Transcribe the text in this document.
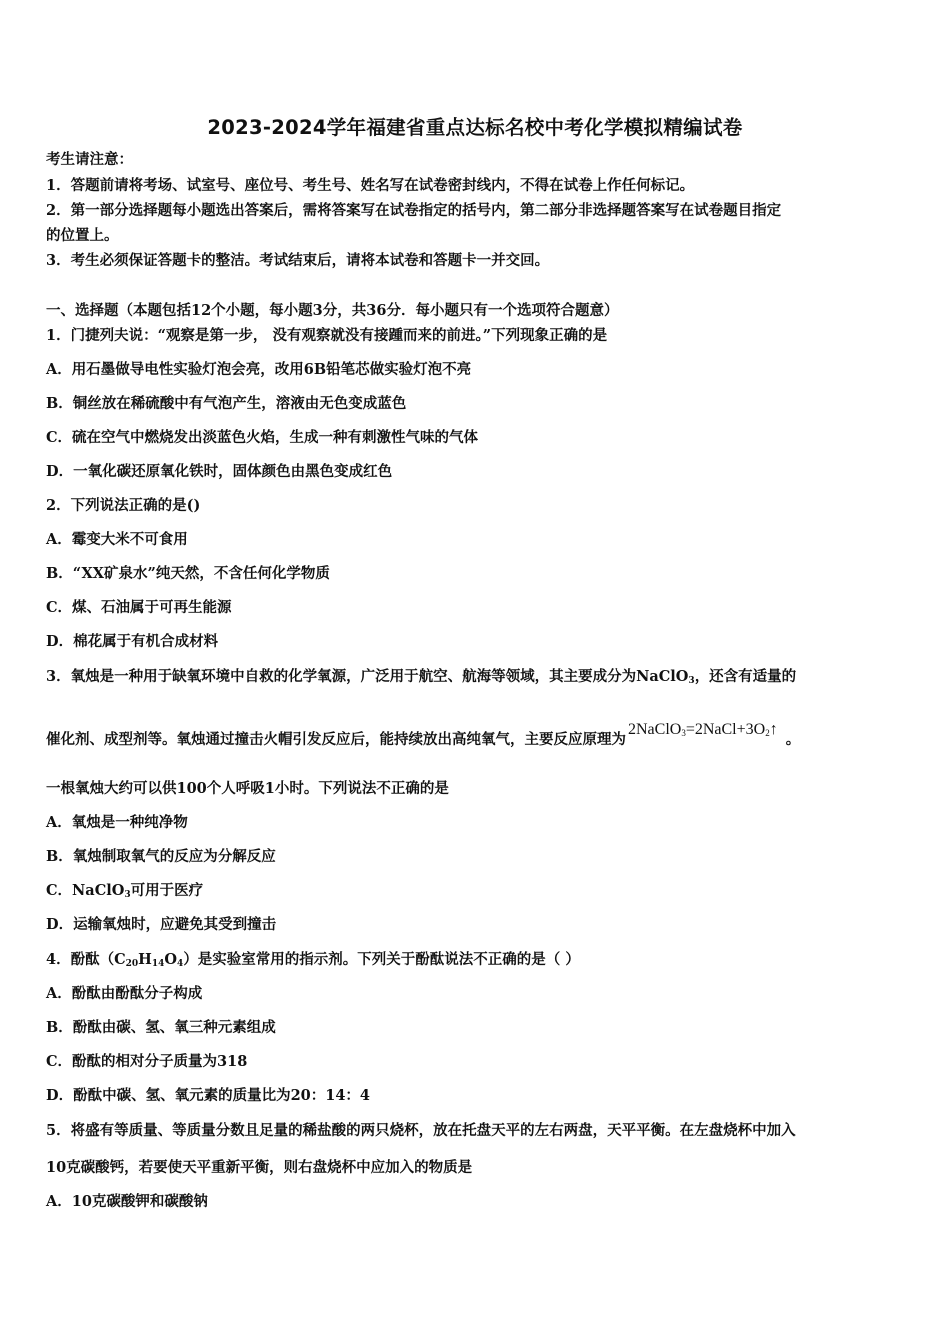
2023-2024学年福建省重点达标名校中考化学模拟精编试卷
考生请注意：
1．答题前请将考场、试室号、座位号、考生号、姓名写在试卷密封线内，不得在试卷上作任何标记。
2．第一部分选择题每小题选出答案后，需将答案写在试卷指定的括号内，第二部分非选择题答案写在试卷题目指定
的位置上。
3．考生必须保证答题卡的整洁。考试结束后，请将本试卷和答题卡一并交回。
一、选择题（本题包括12个小题，每小题3分，共36分．每小题只有一个选项符合题意）
1．门捷列夫说：“观察是第一步， 没有观察就没有接踵而来的前进。”下列现象正确的是
A．用石墨做导电性实验灯泡会亮，改用6B铅笔芯做实验灯泡不亮
B．铜丝放在稀硫酸中有气泡产生，溶液由无色变成蓝色
C．硫在空气中燃烧发出淡蓝色火焰，生成一种有刺激性气味的气体
D．一氧化碳还原氧化铁时，固体颜色由黑色变成红色
2．下列说法正确的是()
A．霉变大米不可食用
B．“XX矿泉水”纯天然，不含任何化学物质
C．煤、石油属于可再生能源
D．棉花属于有机合成材料
3．氧烛是一种用于缺氧环境中自救的化学氧源，广泛用于航空、航海等领域，其主要成分为NaClO$_3$，还含有适量的
催化剂、成型剂等。氧烛通过撞击火帽引发反应后，能持续放出高纯氧气，主要反应原理为$2NaClO_3=2NaCl+3O_2↑$。
一根氧烛大约可以供100个人呼吸1小时。下列说法不正确的是
A．氧烛是一种纯净物
B．氧烛制取氧气的反应为分解反应
C．NaClO$_3$可用于医疗
D．运输氧烛时，应避免其受到撞击
4．酚酞$(C_{20}H_{14}O_4)$是实验室常用的指示剂。下列关于酚酞说法不正确的是（ ）
A．酚酞由酚酞分子构成
B．酚酞由碳、氢、氧三种元素组成
C．酚酞的相对分子质量为318
D．酚酞中碳、氢、氧元素的质量比为20：14：4
5．将盛有等质量、等质量分数且足量的稀盐酸的两只烧杯，放在托盘天平的左右两盘，天平平衡。在左盘烧杯中加入
10克碳酸钙，若要使天平重新平衡，则右盘烧杯中应加入的物质是
A．10克碳酸钾和碳酸钠
